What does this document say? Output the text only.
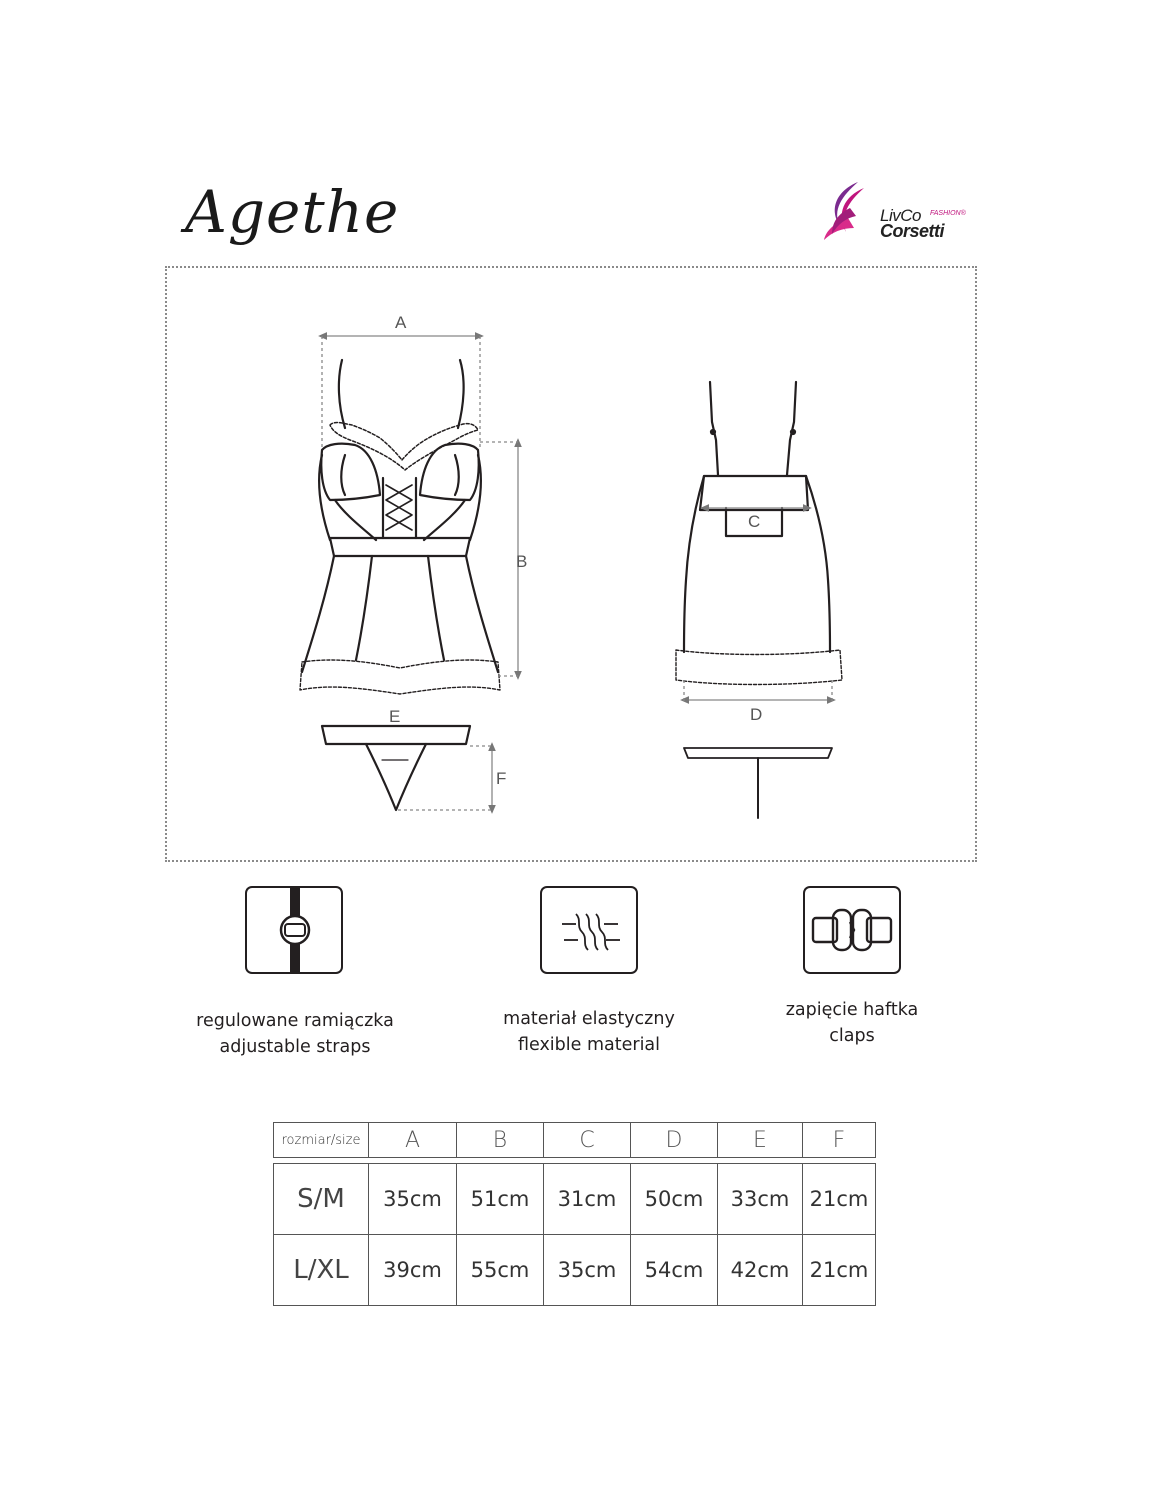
Agethe	LivCo FASHION®
Corsetti
A
B
C
D
E
F
regulowane ramiączka
adjustable straps
materiał elastyczny
flexible material
zapięcie haftka
claps
rozmiar/size	A	B	C	D	E	F

S/M	35cm	51cm	31cm	50cm	33cm	21cm
L/XL	39cm	55cm	35cm	54cm	42cm	21cm
